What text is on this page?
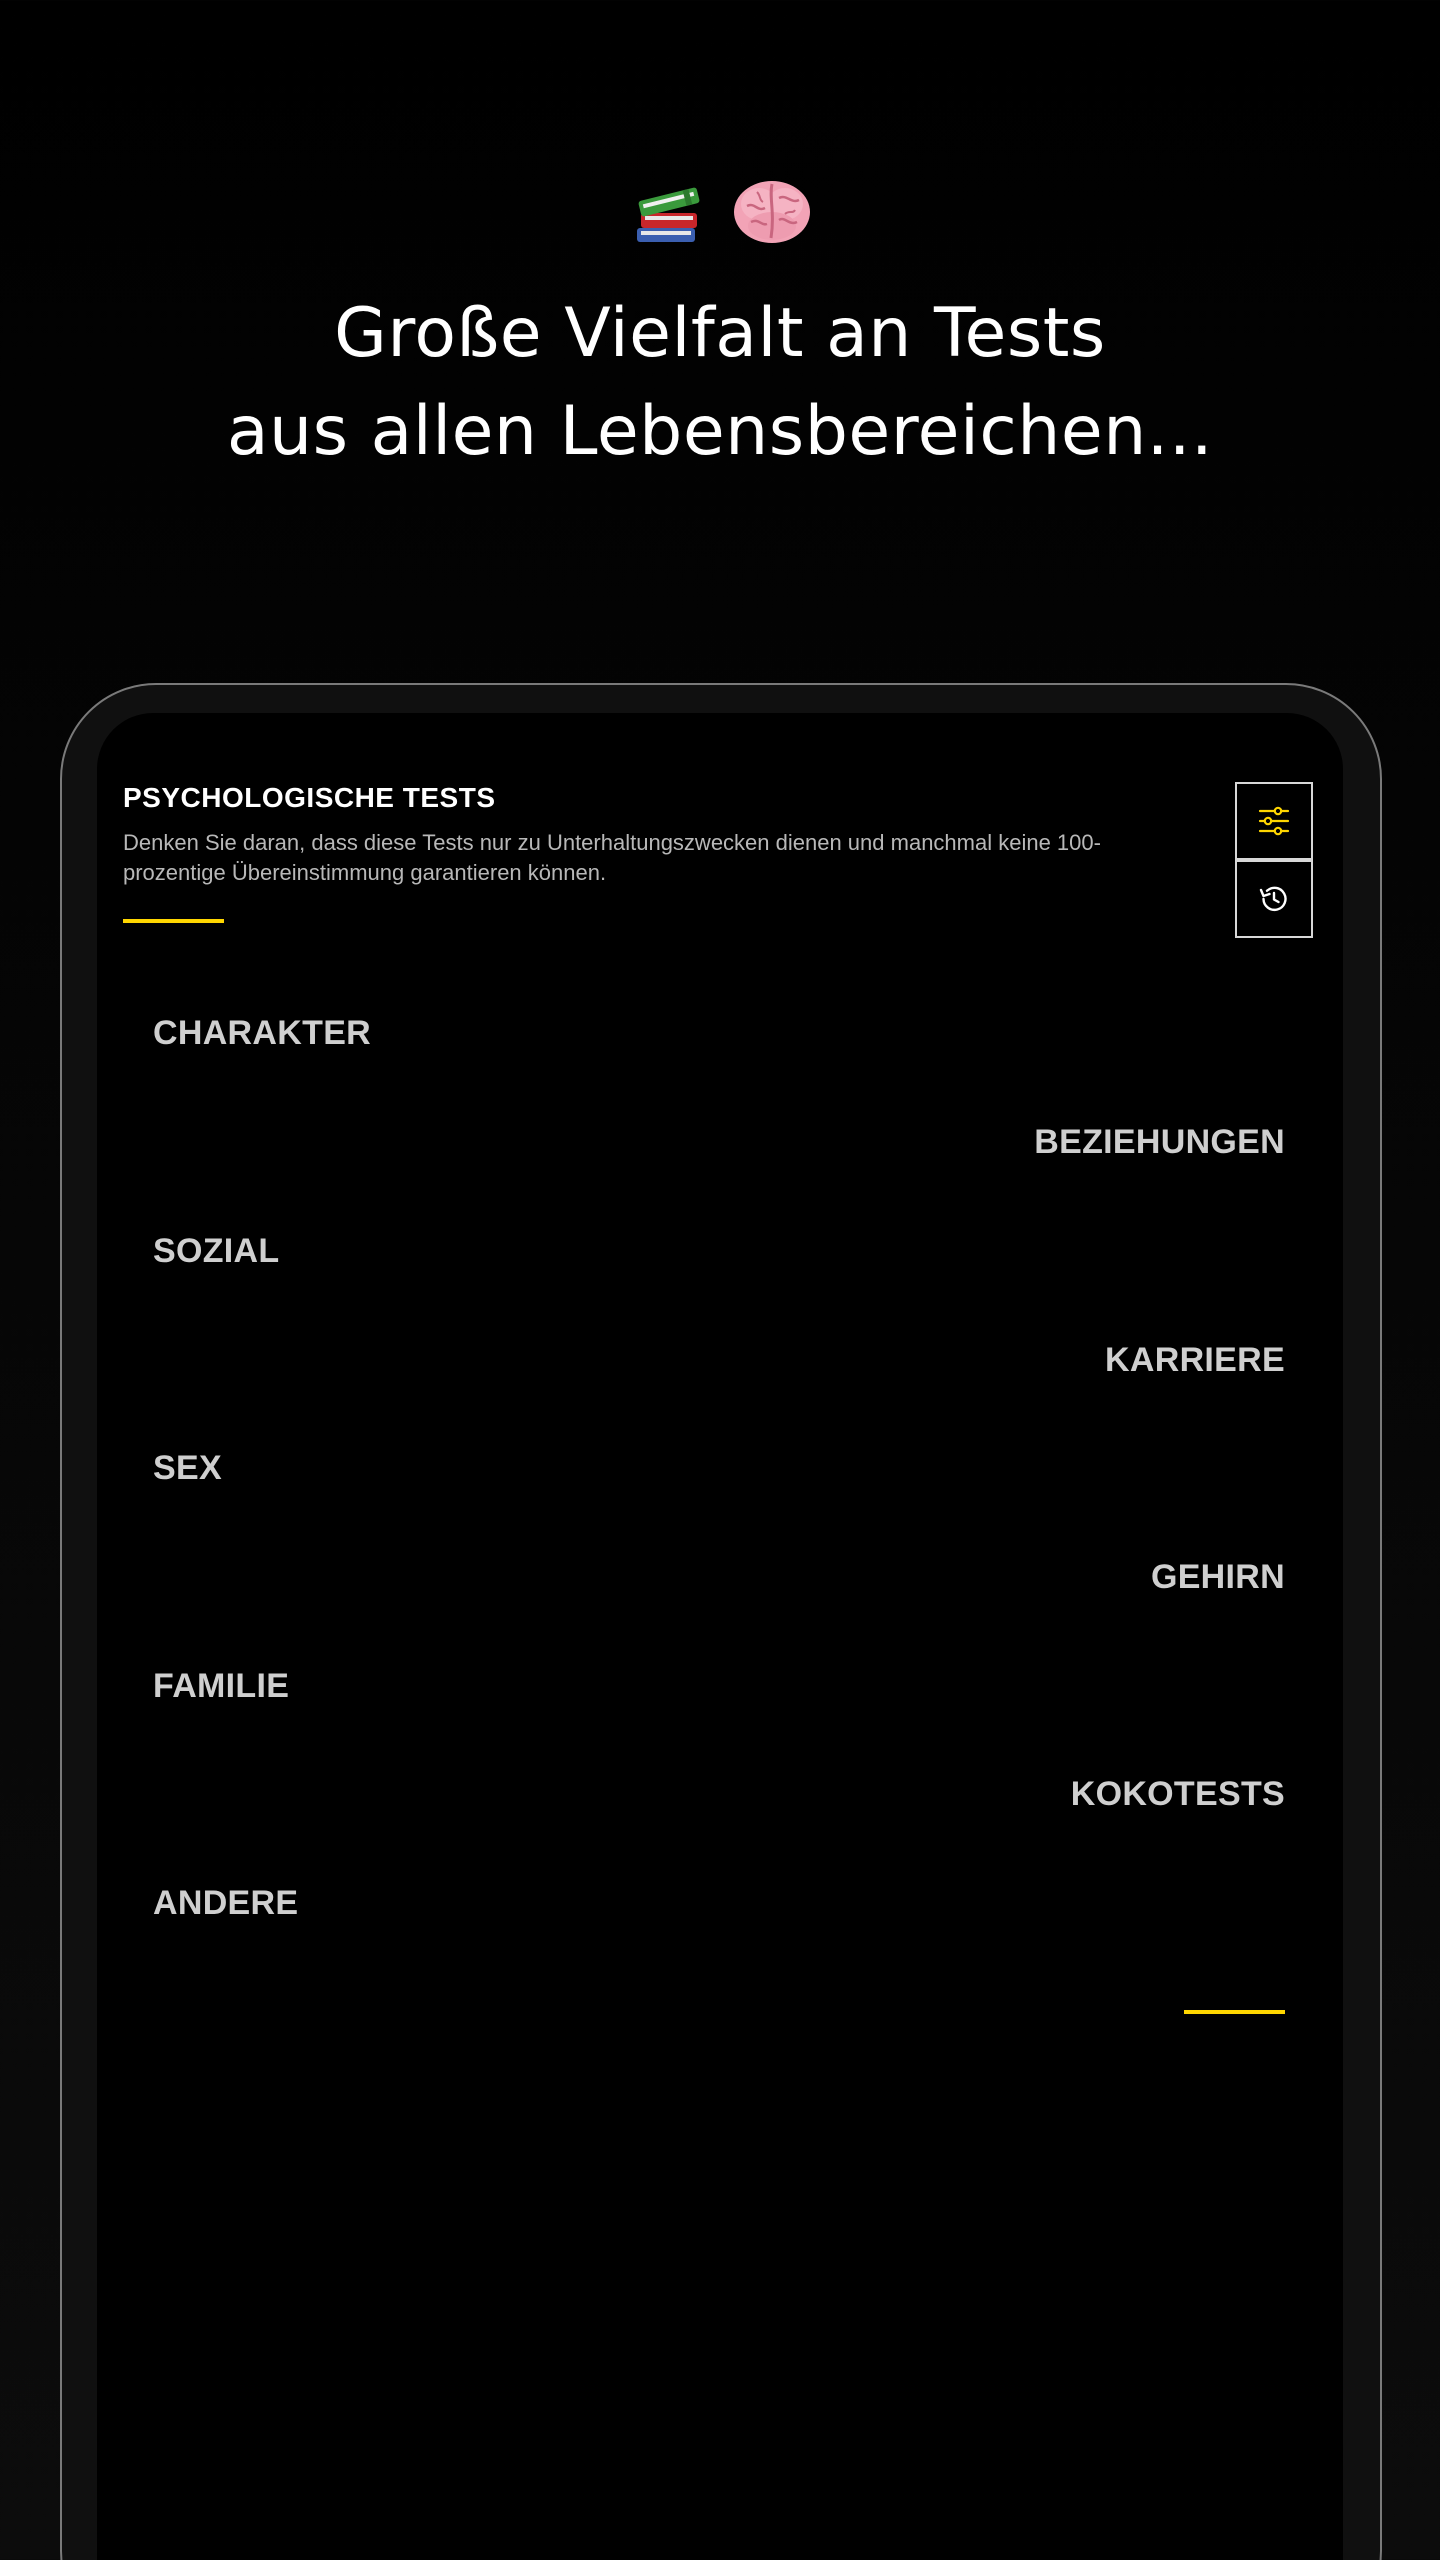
Große Vielfalt an Tests
aus allen Lebensbereichen...
PSYCHOLOGISCHE TESTS
Denken Sie daran, dass diese Tests nur zu Unterhaltungszwecken dienen und manchmal keine 100-prozentige Übereinstimmung garantieren können.
CHARAKTER
BEZIEHUNGEN
SOZIAL
KARRIERE
SEX
GEHIRN
FAMILIE
KOKOTESTS
ANDERE
